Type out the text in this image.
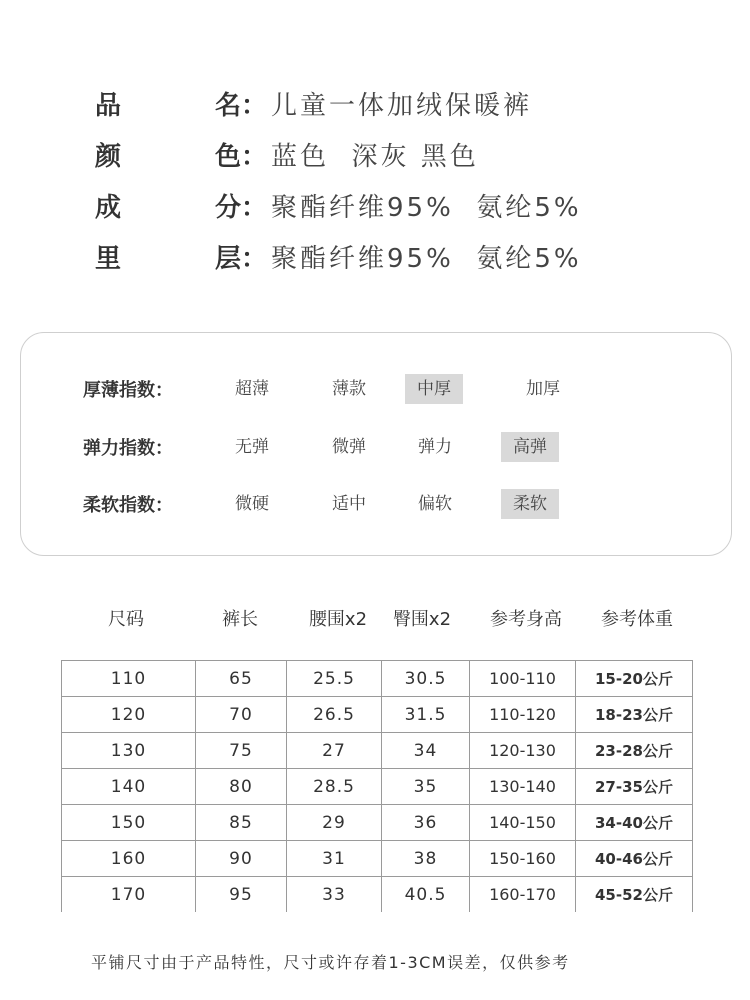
品	名： 儿童一体加绒保暖裤
颜	色： 蓝色  深灰 黑色
成	分： 聚酯纤维95%  氨纶5%
里	层： 聚酯纤维95%  氨纶5%
厚薄指数：	超薄	薄款	中厚	加厚
弹力指数：	无弹	微弹	弹力	高弹
柔软指数：	微硬	适中	偏软	柔软
尺码	裤长	腰围x2	臀围x2	参考身高	参考体重
110	65	25.5	30.5	100-110	15-20公斤
120	70	26.5	31.5	110-120	18-23公斤
130	75	27	34	120-130	23-28公斤
140	80	28.5	35	130-140	27-35公斤
150	85	29	36	140-150	34-40公斤
160	90	31	38	150-160	40-46公斤
170	95	33	40.5	160-170	45-52公斤
平铺尺寸由于产品特性，尺寸或许存着1-3CM误差，仅供参考
